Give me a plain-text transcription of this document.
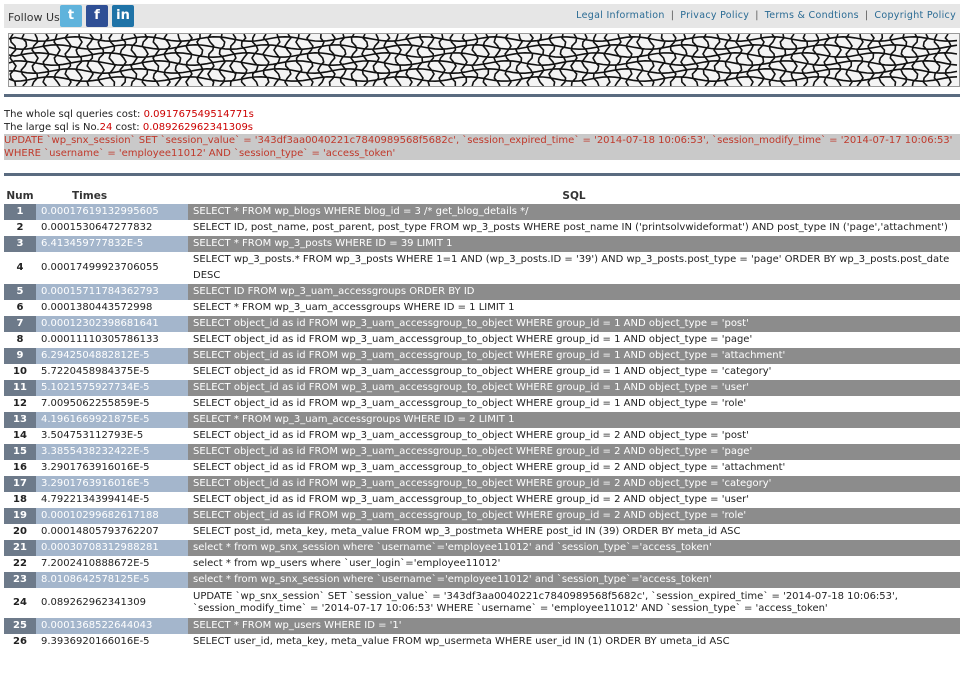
Follow Us t	f	in	Legal Information | Privacy Policy | Terms & Condtions | Copyright Policy
The whole sql queries cost: 0.091767549514771s
The large sql is No.24 cost: 0.089262962341309s
UPDATE `wp_snx_session` SET `session_value` = '343df3aa0040221c7840989568f5682c', `session_expired_time` = '2014-07-18 10:06:53', `session_modify_time` = '2014-07-17 10:06:53' WHERE `username` = 'employee11012' AND `session_type` = 'access_token'
Num	Times	SQL
1	0.00017619132995605	SELECT * FROM wp_blogs WHERE blog_id = 3 /* get_blog_details */
2	0.0001530647277832	SELECT ID, post_name, post_parent, post_type FROM wp_3_posts WHERE post_name IN ('printsolvwideformat') AND post_type IN ('page','attachment')
3	6.413459777832E-5	SELECT * FROM wp_3_posts WHERE ID = 39 LIMIT 1
4	0.00017499923706055	SELECT wp_3_posts.* FROM wp_3_posts WHERE 1=1 AND (wp_3_posts.ID = '39') AND wp_3_posts.post_type = 'page' ORDER BY wp_3_posts.post_date DESC
5	0.00015711784362793	SELECT ID FROM wp_3_uam_accessgroups ORDER BY ID
6	0.0001380443572998	SELECT * FROM wp_3_uam_accessgroups WHERE ID = 1 LIMIT 1
7	0.00012302398681641	SELECT object_id as id FROM wp_3_uam_accessgroup_to_object WHERE group_id = 1 AND object_type = 'post'
8	0.00011110305786133	SELECT object_id as id FROM wp_3_uam_accessgroup_to_object WHERE group_id = 1 AND object_type = 'page'
9	6.2942504882812E-5	SELECT object_id as id FROM wp_3_uam_accessgroup_to_object WHERE group_id = 1 AND object_type = 'attachment'
10	5.7220458984375E-5	SELECT object_id as id FROM wp_3_uam_accessgroup_to_object WHERE group_id = 1 AND object_type = 'category'
11	5.1021575927734E-5	SELECT object_id as id FROM wp_3_uam_accessgroup_to_object WHERE group_id = 1 AND object_type = 'user'
12	7.0095062255859E-5	SELECT object_id as id FROM wp_3_uam_accessgroup_to_object WHERE group_id = 1 AND object_type = 'role'
13	4.1961669921875E-5	SELECT * FROM wp_3_uam_accessgroups WHERE ID = 2 LIMIT 1
14	3.504753112793E-5	SELECT object_id as id FROM wp_3_uam_accessgroup_to_object WHERE group_id = 2 AND object_type = 'post'
15	3.3855438232422E-5	SELECT object_id as id FROM wp_3_uam_accessgroup_to_object WHERE group_id = 2 AND object_type = 'page'
16	3.2901763916016E-5	SELECT object_id as id FROM wp_3_uam_accessgroup_to_object WHERE group_id = 2 AND object_type = 'attachment'
17	3.2901763916016E-5	SELECT object_id as id FROM wp_3_uam_accessgroup_to_object WHERE group_id = 2 AND object_type = 'category'
18	4.7922134399414E-5	SELECT object_id as id FROM wp_3_uam_accessgroup_to_object WHERE group_id = 2 AND object_type = 'user'
19	0.00010299682617188	SELECT object_id as id FROM wp_3_uam_accessgroup_to_object WHERE group_id = 2 AND object_type = 'role'
20	0.00014805793762207	SELECT post_id, meta_key, meta_value FROM wp_3_postmeta WHERE post_id IN (39) ORDER BY meta_id ASC
21	0.00030708312988281	select * from wp_snx_session where `username`='employee11012' and `session_type`='access_token'
22	7.2002410888672E-5	select * from wp_users where `user_login`='employee11012'
23	8.0108642578125E-5	select * from wp_snx_session where `username`='employee11012' and `session_type`='access_token'
24	0.089262962341309	UPDATE `wp_snx_session` SET `session_value` = '343df3aa0040221c7840989568f5682c', `session_expired_time` = '2014-07-18 10:06:53', `session_modify_time` = '2014-07-17 10:06:53' WHERE `username` = 'employee11012' AND `session_type` = 'access_token'
25	0.0001368522644043	SELECT * FROM wp_users WHERE ID = '1'
26	9.3936920166016E-5	SELECT user_id, meta_key, meta_value FROM wp_usermeta WHERE user_id IN (1) ORDER BY umeta_id ASC
